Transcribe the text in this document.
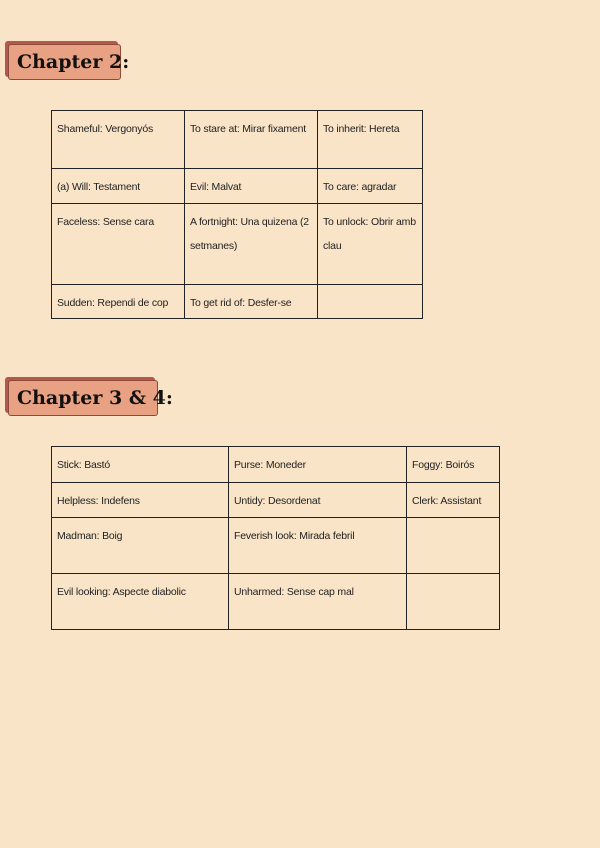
Chapter 2:
Shameful: Vergonyós	To stare at: Mirar fixament	To inherit: Hereta
(a) Will: Testament	Evil: Malvat	To care: agradar
Faceless: Sense cara	A fortnight: Una quizena (2 setmanes)	To unlock: Obrir amb clau
Sudden: Rependi de cop	To get rid of: Desfer-se	
Chapter 3 & 4:
Stick: Bastó	Purse: Moneder	Foggy: Boirós
Helpless: Indefens	Untidy: Desordenat	Clerk: Assistant
Madman: Boig	Feverish look: Mirada febril	
Evil looking: Aspecte diabolic	Unharmed: Sense cap mal	
